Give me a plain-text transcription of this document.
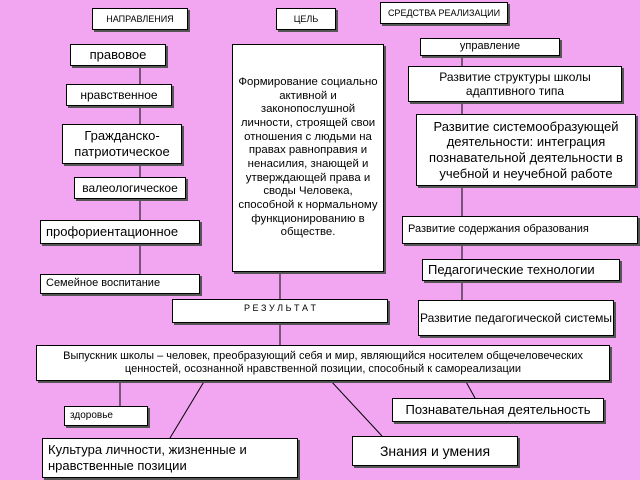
НАПРАВЛЕНИЯ	ЦЕЛЬ
СРЕДСТВА РЕАЛИЗАЦИИ
правовое
нравственное
Гражданско-патриотическое
валеологическое
профориентационное
Семейное воспитание
Формирование социально активной и законопослушной личности, строящей свои отношения с людьми на правах равноправия и ненасилия, знающей и утверждающей права и своды Человека, способной к нормальному функционированию в обществе.
управление
Развитие структуры школы адаптивного типа
Развитие системообразующей деятельности: интеграция познавательной деятельности в учебной и неучебной работе
Развитие содержания образования
Педагогические технологии
Развитие педагогической системы
Р Е З У Л Ь Т А Т
Выпускник школы – человек, преобразующий себя и мир, являющийся носителем общечеловеческих ценностей, осознанной нравственной позиции, способный к самореализации
Познавательная деятельность
здоровье
Культура личности, жизненные и нравственные позиции
Знания и умения
